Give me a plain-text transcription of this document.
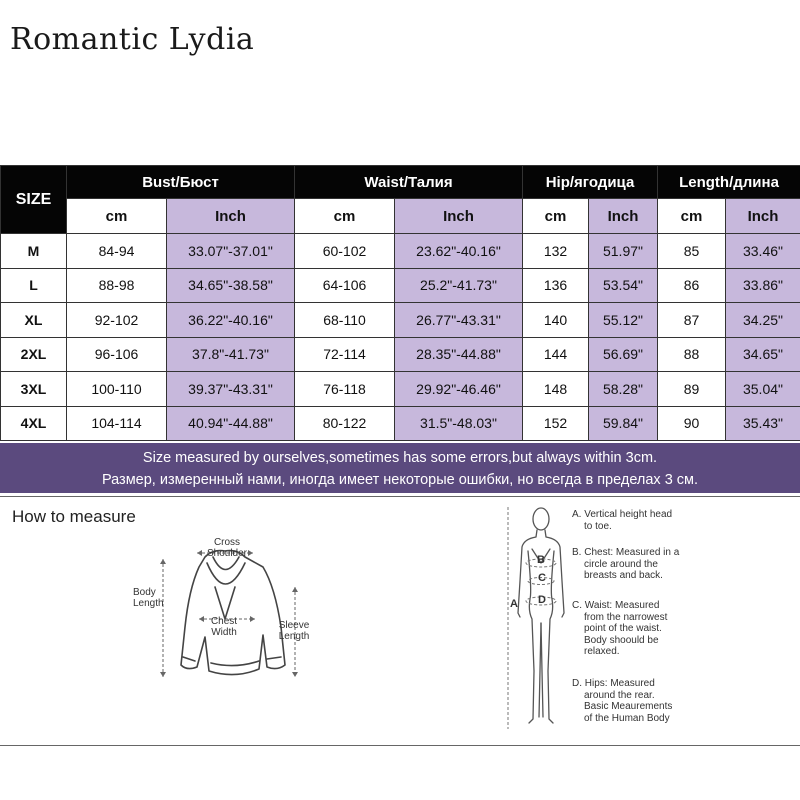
Romantic Lydia
SIZE	Bust/Бюст		Waist/Талия		Hip/ягодица		Length/длина	
	cm	Inch	cm	Inch	cm	Inch	cm	Inch
M	84-94	33.07"-37.01"	60-102	23.62"-40.16"	132	51.97"	85	33.46"
L	88-98	34.65"-38.58"	64-106	25.2"-41.73"	136	53.54"	86	33.86"
XL	92-102	36.22"-40.16"	68-110	26.77"-43.31"	140	55.12"	87	34.25"
2XL	96-106	37.8"-41.73"	72-114	28.35"-44.88"	144	56.69"	88	34.65"
3XL	100-110	39.37"-43.31"	76-118	29.92"-46.46"	148	58.28"	89	35.04"
4XL	104-114	40.94"-44.88"	80-122	31.5"-48.03"	152	59.84"	90	35.43"
Size measured by ourselves,sometimes has some errors,but always within 3cm.
Размер, измеренный нами, иногда имеет некоторые ошибки, но всегда в пределах 3 см.
How to measure
Cross
Shoulder
Body
Length
Chest
Width
Sleeve
Length
A
B
C
D
A. Vertical height head
to toe.
B. Chest: Measured in a
circle around the
breasts and back.
C. Waist: Measured
from the narrowest
point of the waist.
Body shoould be
relaxed.
D. Hips: Measured
around the rear.
Basic Meaurements
of the Human Body
